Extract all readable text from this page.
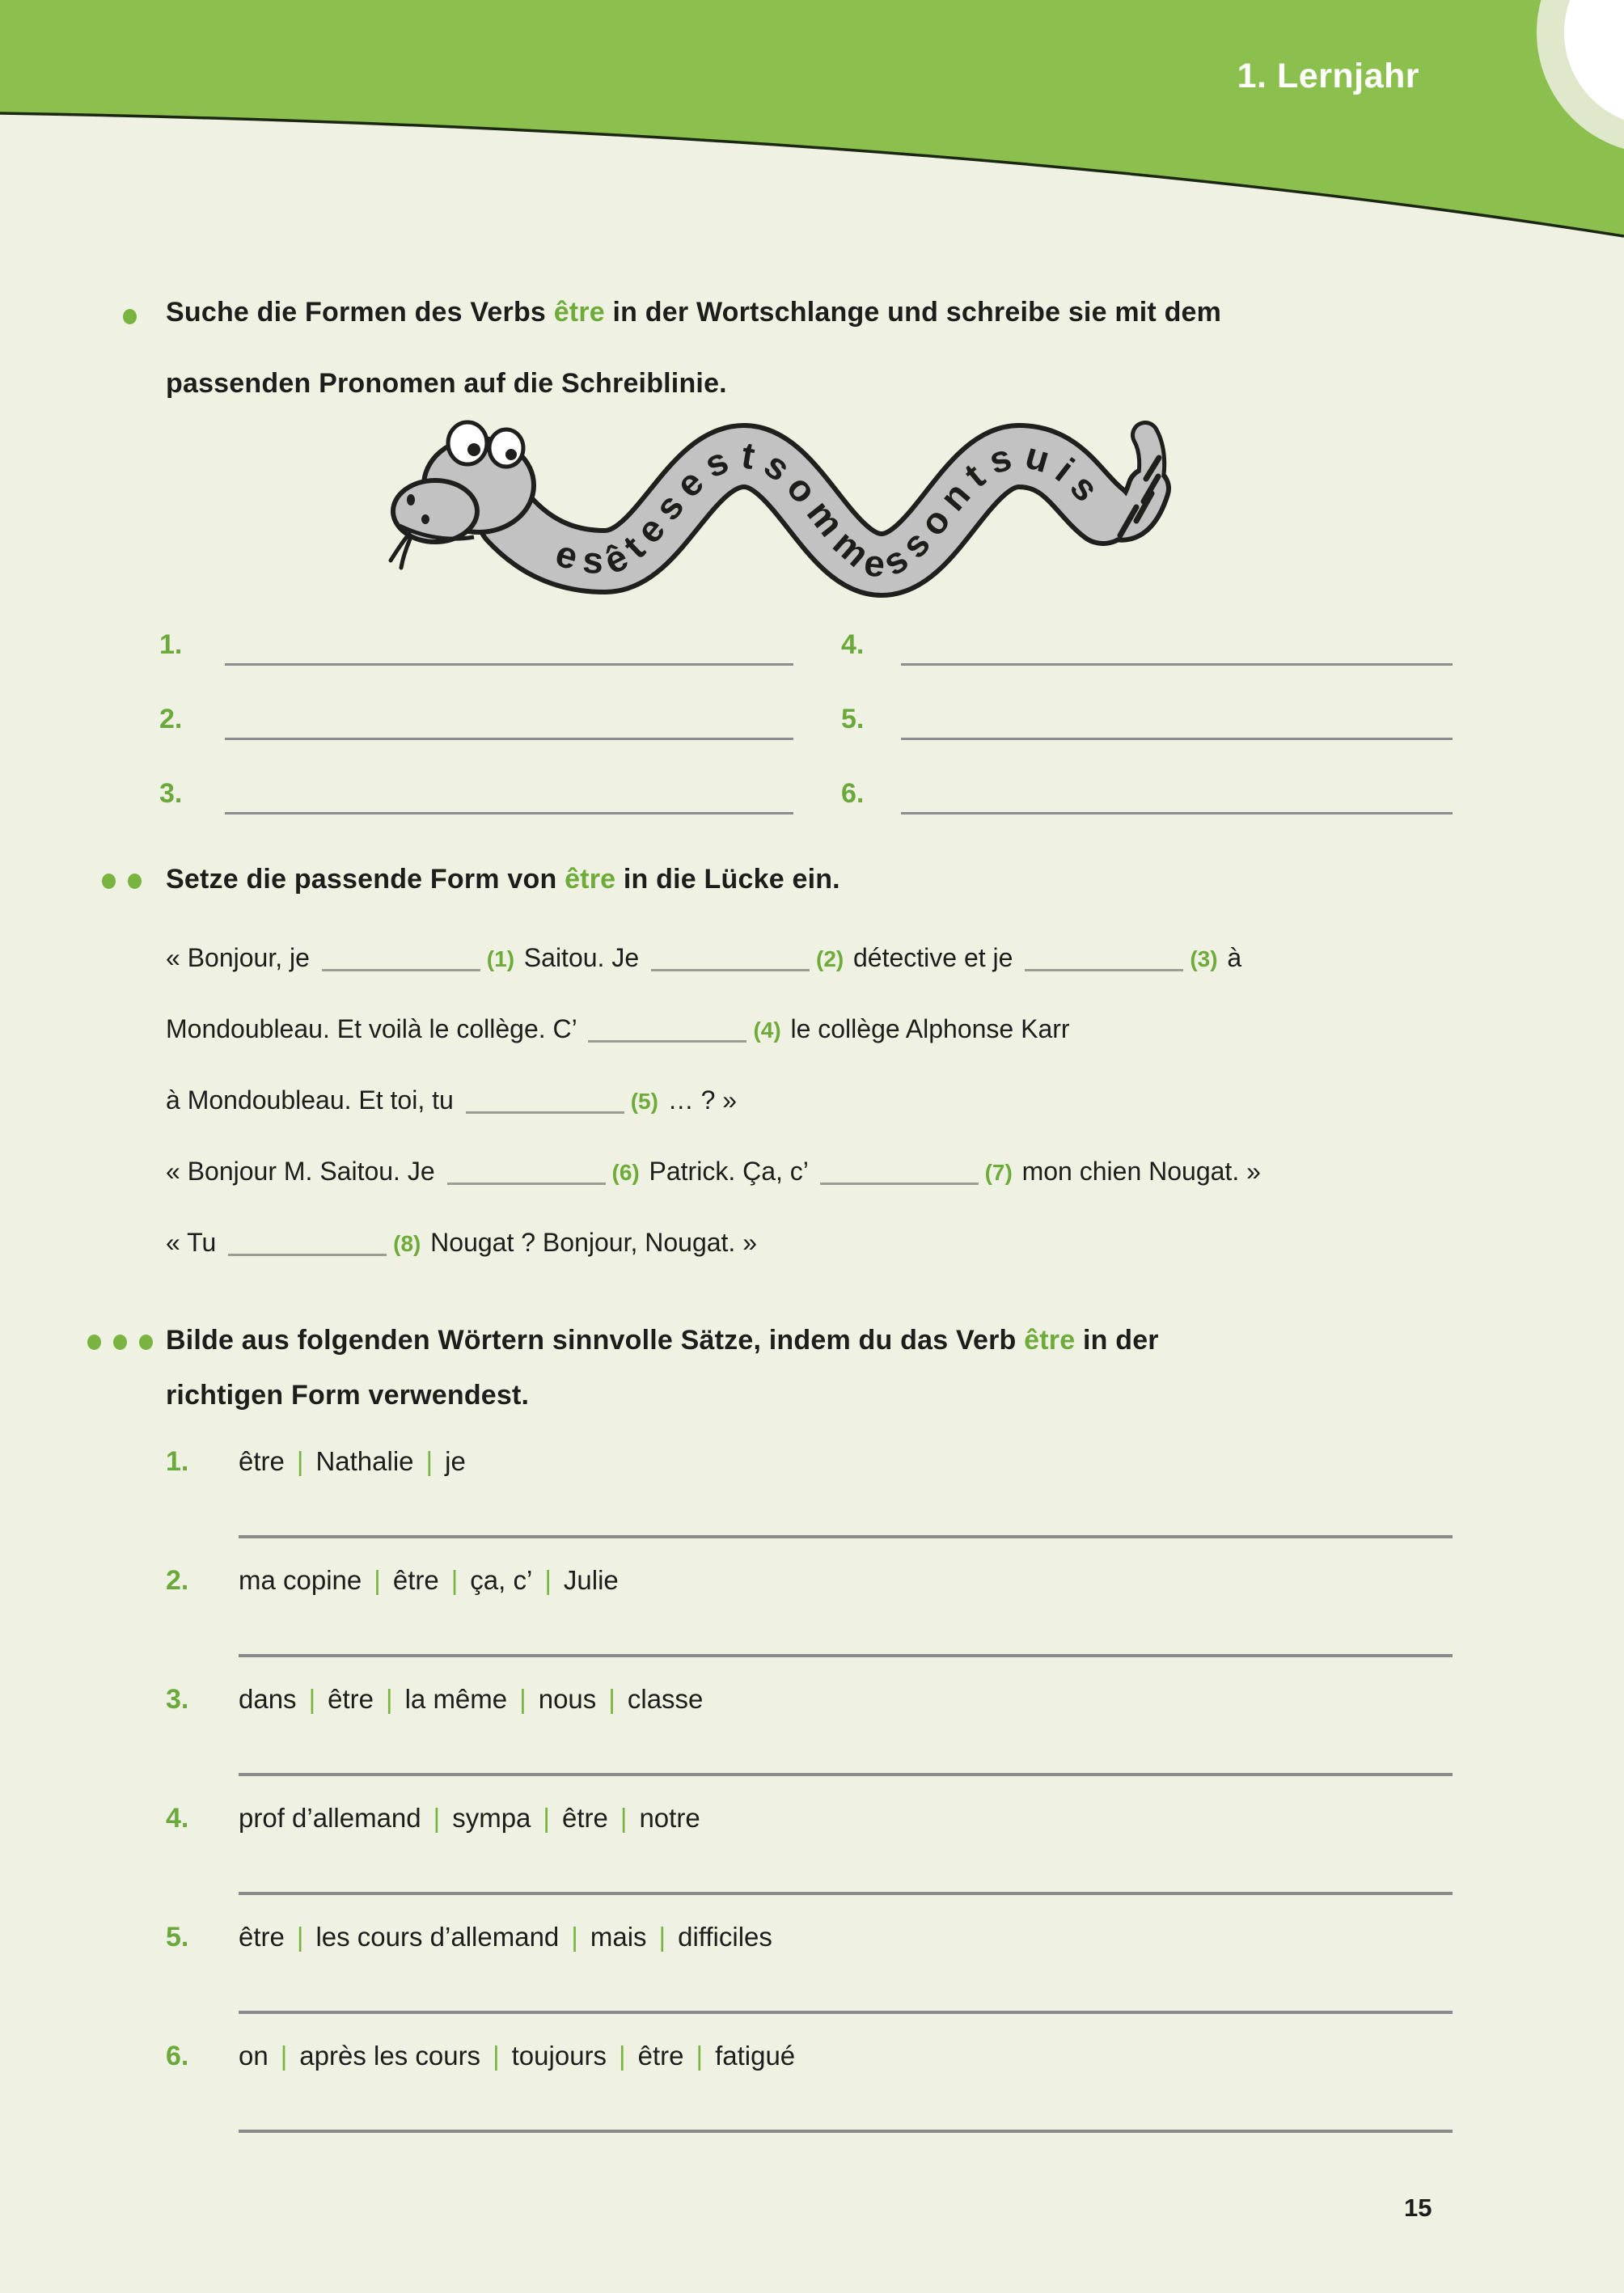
1. Lernjahr
Suche die Formen des Verbs être in der Wortschlange und schreibe sie mit dem
passenden Pronomen auf die Schreiblinie.
esêtesestsommessontsuis
1.
2.
3.
4.
5.
6.
Setze die passende Form von être in die Lücke ein.
« Bonjour, je	(1) Saitou. Je	(2) détective et je	(3) à
Mondoubleau. Et voilà le collège. C’	(4) le collège Alphonse Karr
à Mondoubleau. Et toi, tu	(5) … ? »
« Bonjour M. Saitou. Je	(6) Patrick. Ça, c’	(7) mon chien Nougat. »
« Tu	(8) Nougat ? Bonjour, Nougat. »
Bilde aus folgenden Wörtern sinnvolle Sätze, indem du das Verb être in der
richtigen Form verwendest.
1. être | Nathalie | je
2. ma copine | être | ça, c’ | Julie
3. dans | être | la même | nous | classe
4. prof d’allemand | sympa | être | notre
5. être | les cours d’allemand | mais | difficiles
6. on | après les cours | toujours | être | fatigué
15
